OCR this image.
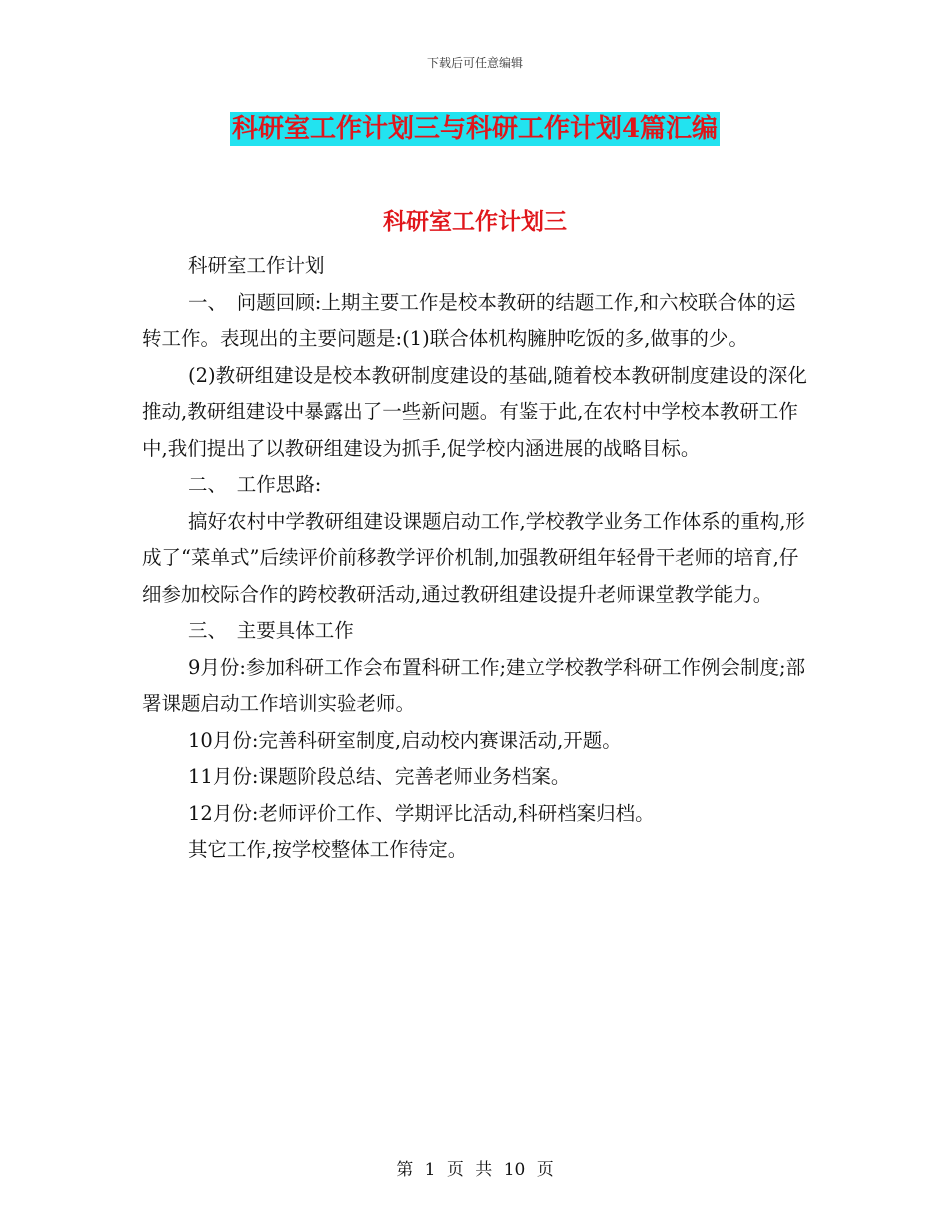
下载后可任意编辑
科研室工作计划三与科研工作计划4篇汇编
科研室工作计划三

科研室工作计划

一、　问题回顾:上期主要工作是校本教研的结题工作,和六校联合体的运转工作。表现出的主要问题是:(1)联合体机构臃肿吃饭的多,做事的少。

(2)教研组建设是校本教研制度建设的基础,随着校本教研制度建设的深化推动,教研组建设中暴露出了一些新问题。有鉴于此,在农村中学校本教研工作中,我们提出了以教研组建设为抓手,促学校内涵进展的战略目标。

二、　工作思路:

搞好农村中学教研组建设课题启动工作,学校教学业务工作体系的重构,形成了“菜单式”后续评价前移教学评价机制,加强教研组年轻骨干老师的培育,仔细参加校际合作的跨校教研活动,通过教研组建设提升老师课堂教学能力。

三、　主要具体工作

9月份:参加科研工作会布置科研工作;建立学校教学科研工作例会制度;部署课题启动工作培训实验老师。

10月份:完善科研室制度,启动校内赛课活动,开题。

11月份:课题阶段总结、完善老师业务档案。

12月份:老师评价工作、学期评比活动,科研档案归档。

其它工作,按学校整体工作待定。

第 1 页 共 10 页
